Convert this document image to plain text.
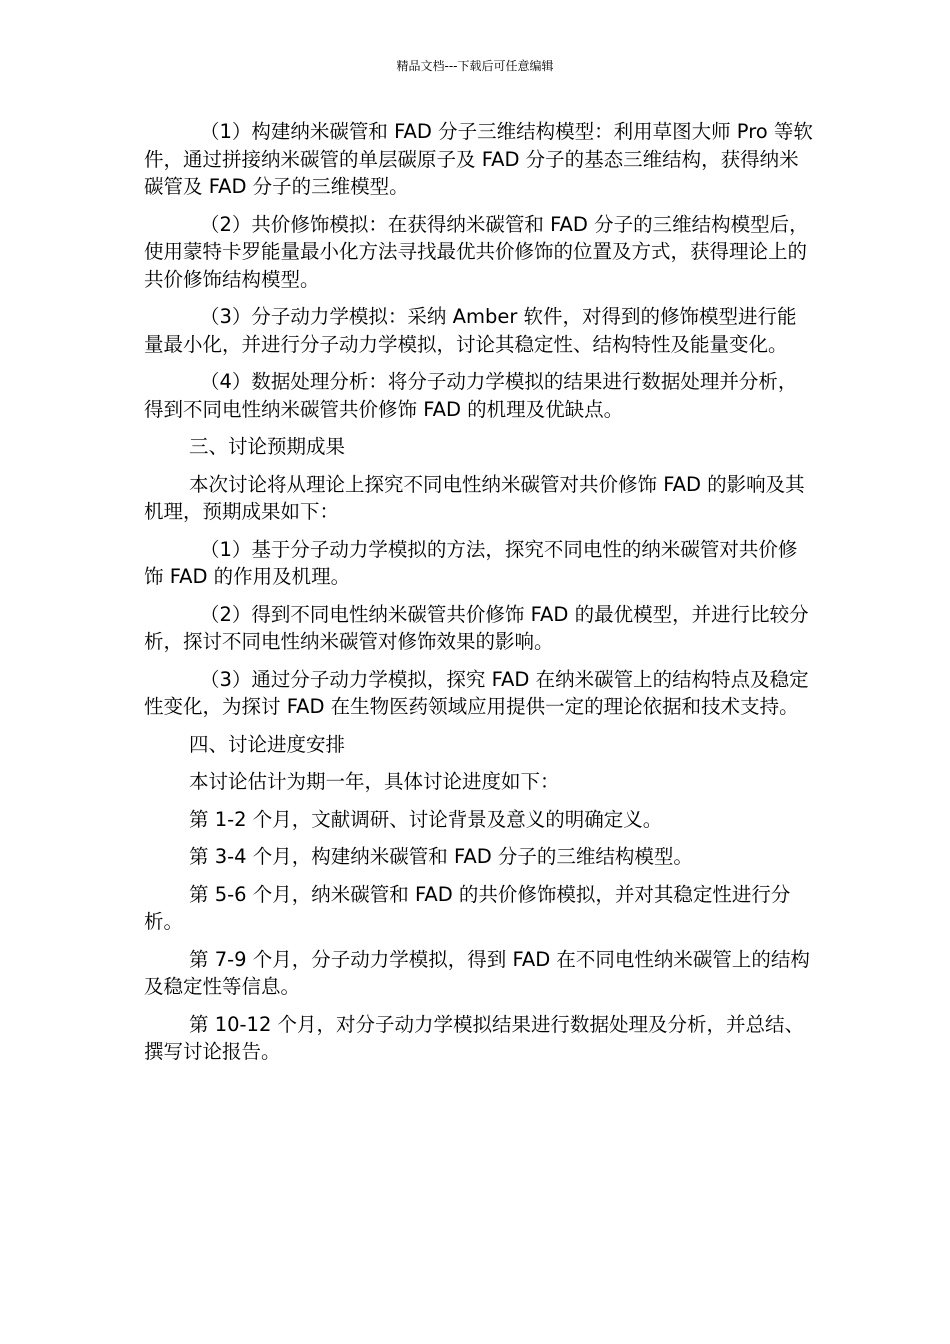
精品文档---下载后可任意编辑

（1）构建纳米碳管和 FAD 分子三维结构模型：利用草图大师 Pro 等软件，通过拼接纳米碳管的单层碳原子及 FAD 分子的基态三维结构，获得纳米碳管及 FAD 分子的三维模型。

（2）共价修饰模拟：在获得纳米碳管和 FAD 分子的三维结构模型后，使用蒙特卡罗能量最小化方法寻找最优共价修饰的位置及方式，获得理论上的共价修饰结构模型。

（3）分子动力学模拟：采纳 Amber 软件，对得到的修饰模型进行能量最小化，并进行分子动力学模拟，讨论其稳定性、结构特性及能量变化。

（4）数据处理分析：将分子动力学模拟的结果进行数据处理并分析，得到不同电性纳米碳管共价修饰 FAD 的机理及优缺点。

三、讨论预期成果

本次讨论将从理论上探究不同电性纳米碳管对共价修饰 FAD 的影响及其机理，预期成果如下：

（1）基于分子动力学模拟的方法，探究不同电性的纳米碳管对共价修饰 FAD 的作用及机理。

（2）得到不同电性纳米碳管共价修饰 FAD 的最优模型，并进行比较分析，探讨不同电性纳米碳管对修饰效果的影响。

（3）通过分子动力学模拟，探究 FAD 在纳米碳管上的结构特点及稳定性变化，为探讨 FAD 在生物医药领域应用提供一定的理论依据和技术支持。

四、讨论进度安排

本讨论估计为期一年，具体讨论进度如下：

第 1-2 个月，文献调研、讨论背景及意义的明确定义。

第 3-4 个月，构建纳米碳管和 FAD 分子的三维结构模型。

第 5-6 个月，纳米碳管和 FAD 的共价修饰模拟，并对其稳定性进行分析。

第 7-9 个月，分子动力学模拟，得到 FAD 在不同电性纳米碳管上的结构及稳定性等信息。

第 10-12 个月，对分子动力学模拟结果进行数据处理及分析，并总结、撰写讨论报告。
